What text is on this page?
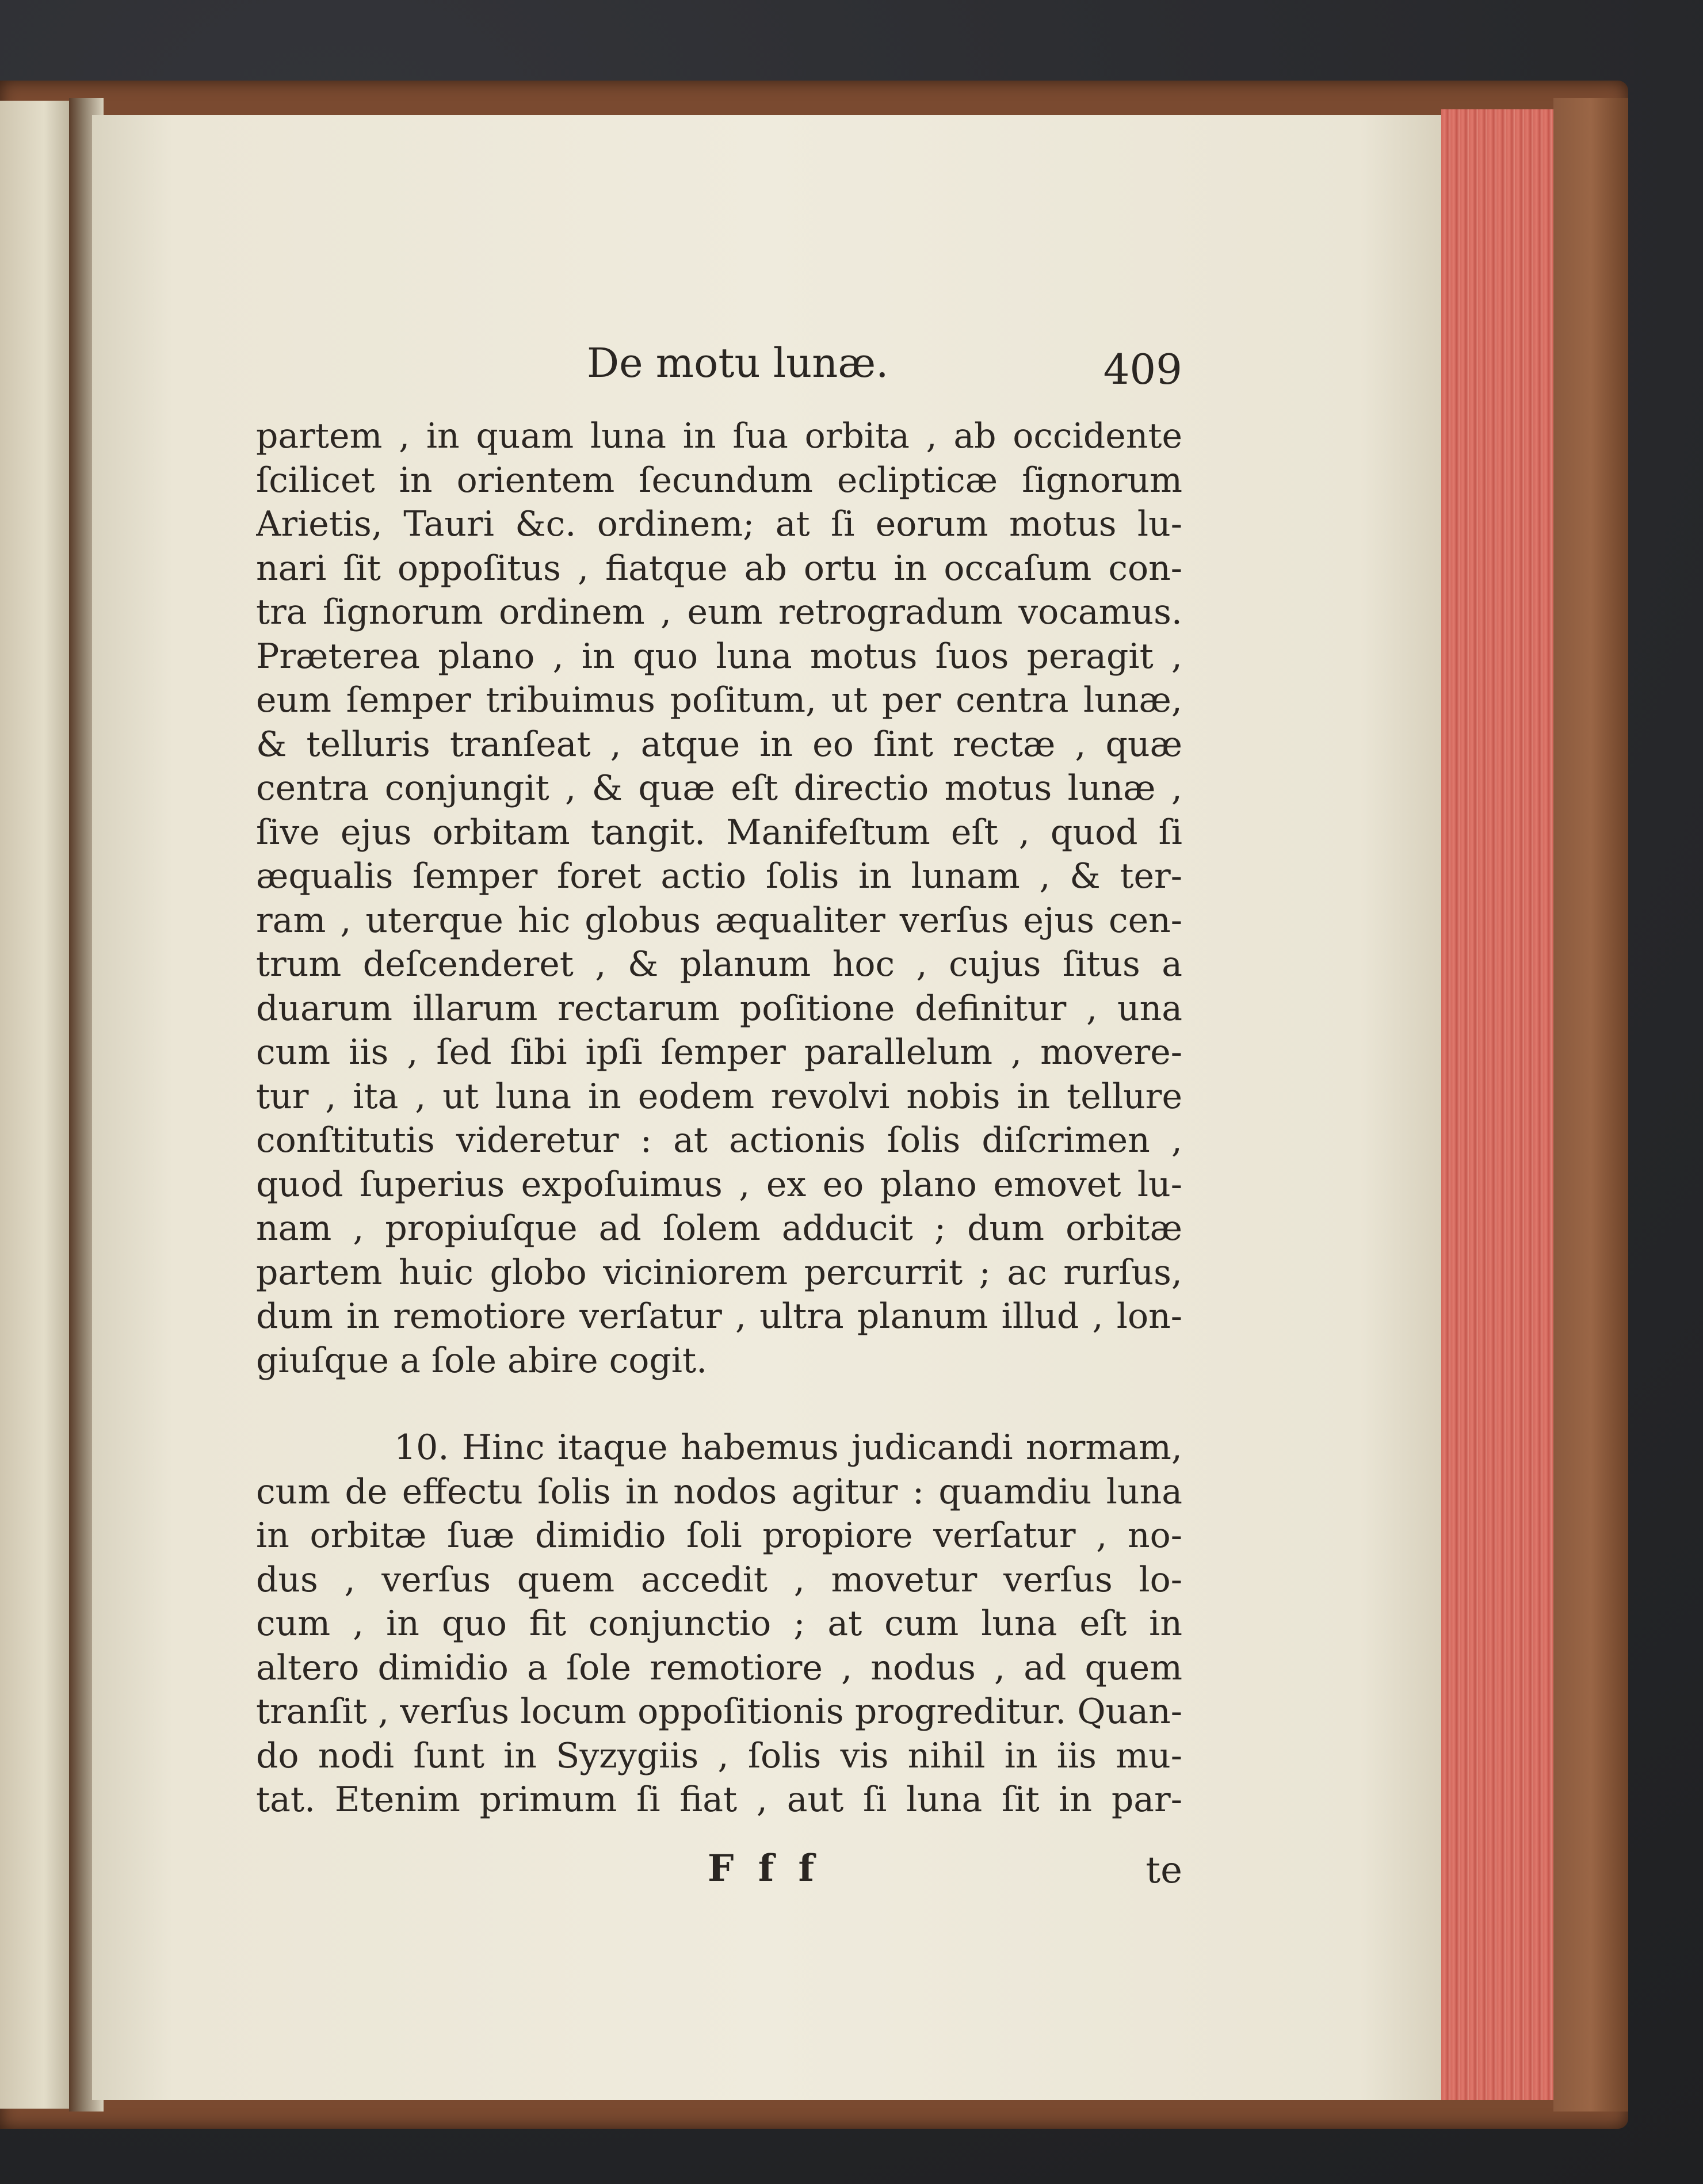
De motu lunæ.	409
partem , in quam luna in ſua orbita , ab occidente
ſcilicet in orientem ſecundum eclipticæ ſignorum
Arietis, Tauri &c. ordinem; at ſi eorum motus lu-
nari ſit oppoſitus , fiatque ab ortu in occaſum con-
tra ſignorum ordinem , eum retrogradum vocamus.
Præterea plano , in quo luna motus ſuos peragit ,
eum ſemper tribuimus poſitum, ut per centra lunæ,
& telluris tranſeat , atque in eo ſint rectæ , quæ
centra conjungit , & quæ eſt directio motus lunæ ,
ſive ejus orbitam tangit. Manifeſtum eſt , quod ſi
æqualis ſemper foret actio ſolis in lunam , & ter-
ram , uterque hic globus æqualiter verſus ejus cen-
trum deſcenderet , & planum hoc , cujus ſitus a
duarum illarum rectarum poſitione definitur , una
cum iis , ſed ſibi ipſi ſemper parallelum , movere-
tur , ita , ut luna in eodem revolvi nobis in tellure
conſtitutis videretur : at actionis ſolis diſcrimen ,
quod ſuperius expoſuimus , ex eo plano emovet lu-
nam , propiuſque ad ſolem adducit ; dum orbitæ
partem huic globo viciniorem percurrit ; ac rurſus,
dum in remotiore verſatur , ultra planum illud , lon-
giuſque a ſole abire cogit.
10. Hinc itaque habemus judicandi normam,
cum de effectu ſolis in nodos agitur : quamdiu luna
in orbitæ ſuæ dimidio ſoli propiore verſatur , no-
dus , verſus quem accedit , movetur verſus lo-
cum , in quo fit conjunctio ; at cum luna eſt in
altero dimidio a ſole remotiore , nodus , ad quem
tranſit , verſus locum oppoſitionis progreditur. Quan-
do nodi ſunt in Syzygiis , ſolis vis nihil in iis mu-
tat. Etenim primum ſi fiat , aut ſi luna ſit in par-
F f f	te
